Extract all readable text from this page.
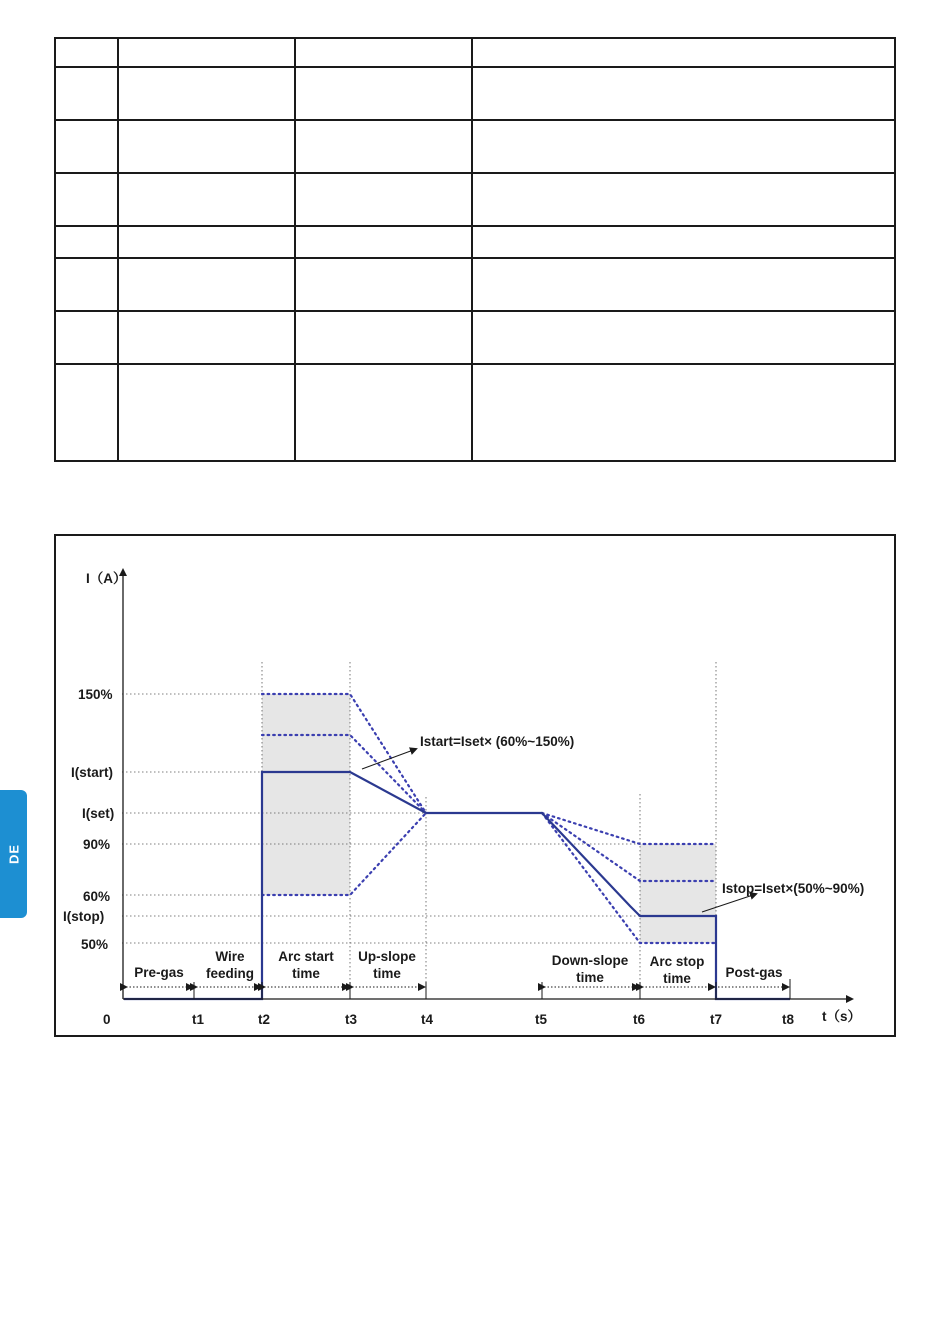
DE
I（A）
t（s）
0
150%
I(start)
I(set)
90%
60%
I(stop)
50%
t1	t2	t3	t4	t5	t6	t7	t8
Pre-gas
Wire
feeding
Arc start
time
Up-slope
time
Down-slope
time
Arc stop
time	Post-gas
Istart=Iset× (60%~150%)
Istop=Iset×(50%~90%)
